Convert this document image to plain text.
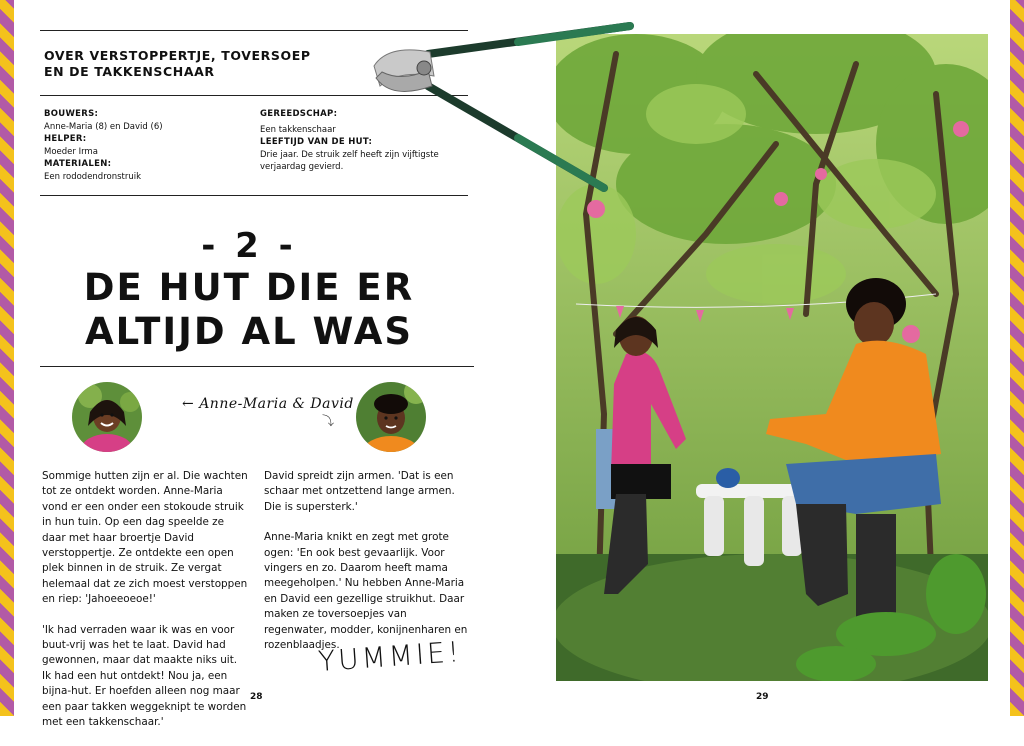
OVER VERSTOPPERTJE, TOVERSOEP
EN DE TAKKENSCHAAR
BOUWERS:
Anne-Maria (8) en David (6)
HELPER:
Moeder Irma
MATERIALEN:
Een rododendronstruik
GEREEDSCHAP:
Een takkenschaar
LEEFTIJD VAN DE HUT:
Drie jaar. De struik zelf heeft zijn vijftigste
verjaardag gevierd.
- 2 -
DE HUT DIE ER
ALTIJD AL WAS
← Anne-Maria & David
⤵

Sommige hutten zijn er al. Die wachten tot ze ontdekt worden. Anne-Maria vond er een onder een stokoude struik in hun tuin. Op een dag speelde ze daar met haar broertje David verstoppertje. Ze ontdekte een open plek binnen in de struik. Ze vergat helemaal dat ze zich moest verstoppen en riep: 'Jahoeeoeoe!'

'Ik had verraden waar ik was en voor buut-vrij was het te laat. David had gewonnen, maar dat maakte niks uit. Ik had een hut ontdekt! Nou ja, een bijna-hut. Er hoefden alleen nog maar een paar takken weggeknipt te worden met een takkenschaar.'

David spreidt zijn armen. 'Dat is een schaar met ontzettend lange armen. Die is supersterk.'

Anne-Maria knikt en zegt met grote ogen: 'En ook best gevaarlijk. Voor vingers en zo. Daarom heeft mama meegeholpen.' Nu hebben Anne-Maria en David een gezellige struikhut. Daar maken ze toversoepjes van regenwater, modder, konijnenharen en rozenblaadjes.

YUMMIE!
28	29
